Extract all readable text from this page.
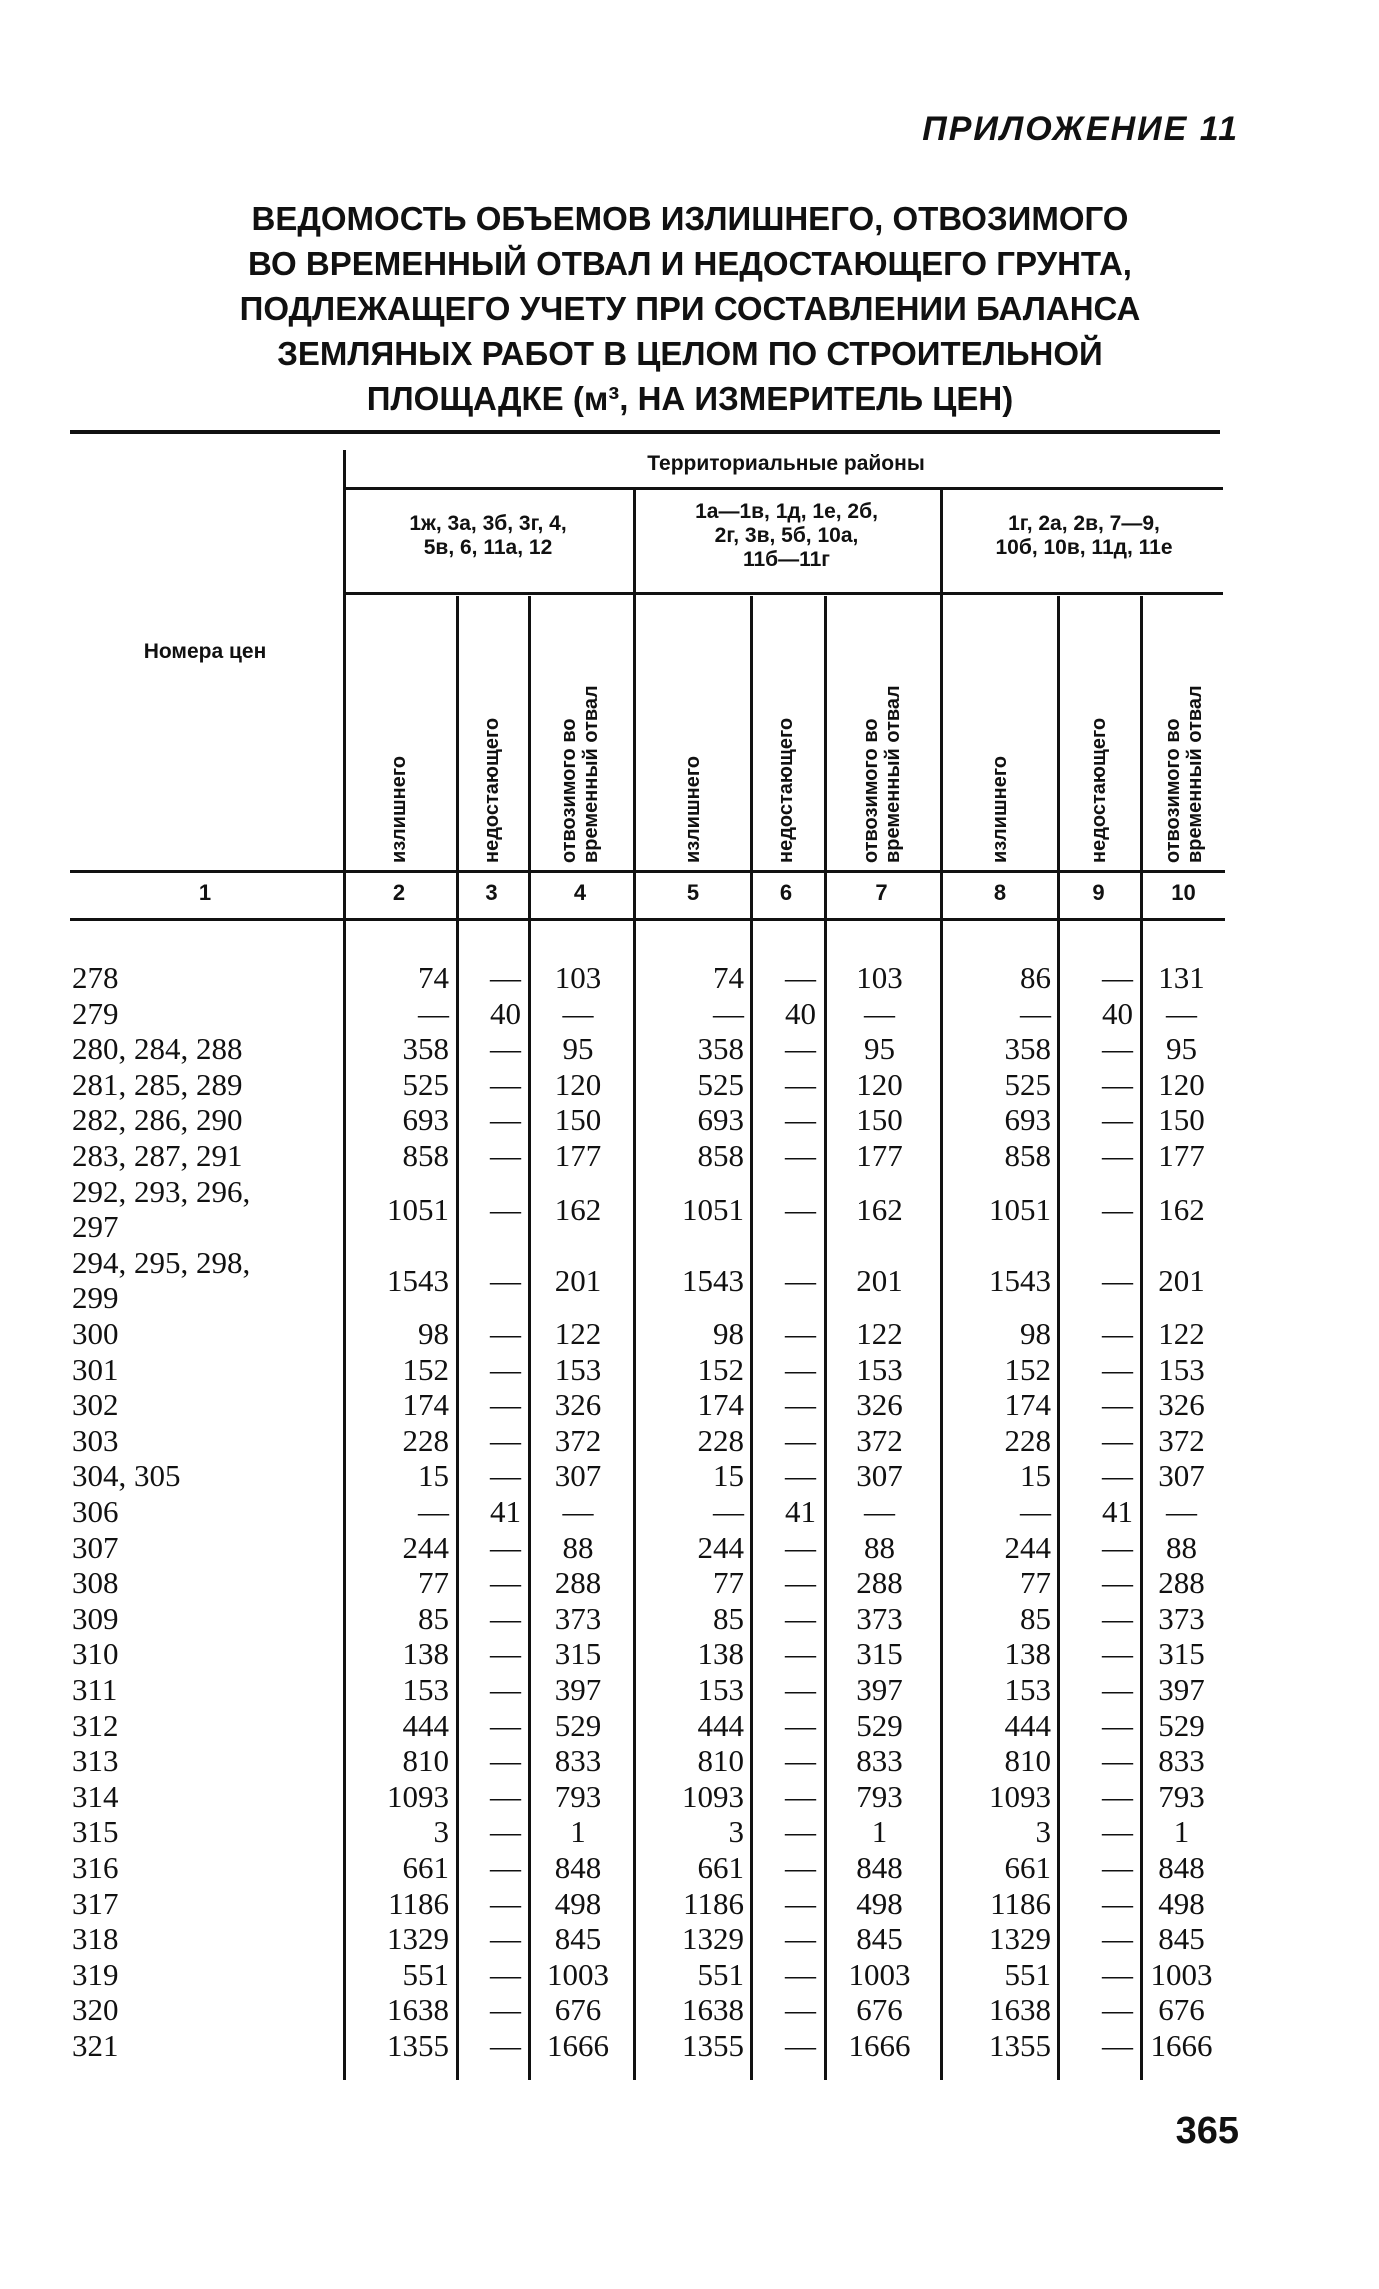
ПРИЛОЖЕНИЕ 11
ВЕДОМОСТЬ ОБЪЕМОВ ИЗЛИШНЕГО, ОТВОЗИМОГО
ВО ВРЕМЕННЫЙ ОТВАЛ И НЕДОСТАЮЩЕГО ГРУНТА,
ПОДЛЕЖАЩЕГО УЧЕТУ ПРИ СОСТАВЛЕНИИ БАЛАНСА
ЗЕМЛЯНЫХ РАБОТ В ЦЕЛОМ ПО СТРОИТЕЛЬНОЙ
ПЛОЩАДКЕ (м³, НА ИЗМЕРИТЕЛЬ ЦЕН)
Номера цен
Территориальные районы
1ж, 3а, 3б, 3г, 4,
5в, 6, 11а, 12
1а—1в, 1д, 1е, 2б,
2г, 3в, 5б, 10а,
11б—11г
1г, 2а, 2в, 7—9,
10б, 10в, 11д, 11е
излишнего	недостающего	отвозимого во временный отвал	излишнего	недостающего	отвозимого во временный отвал	излишнего	недостающего	отвозимого во временный отвал
1	2	3	4	5	6	7	8	9	10
278	74	—	103	74	—	103	86	— 131
279	—	40	—	—	40	—	—	40	—
280, 284, 288	358	—	95	358	—	95	358	—	95
281, 285, 289	525	—	120	525	—	120	525	— 120
282, 286, 290	693	—	150	693	—	150	693	— 150
283, 287, 291	858	—	177	858	—	177	858	— 177
292, 293, 296,
297	1051	—	162	1051	—	162	1051	— 162
294, 295, 298,
299	1543	—	201	1543	—	201	1543	— 201
300	98	—	122	98	—	122	98	— 122
301	152	—	153	152	—	153	152	— 153
302	174	—	326	174	—	326	174	— 326
303	228	—	372	228	—	372	228	— 372
304, 305	15	—	307	15	—	307	15	— 307
306	—	41	—	—	41	—	—	41	—
307	244	—	88	244	—	88	244	—	88
308	77	—	288	77	—	288	77	— 288
309	85	—	373	85	—	373	85	— 373
310	138	—	315	138	—	315	138	— 315
311	153	—	397	153	—	397	153	— 397
312	444	—	529	444	—	529	444	— 529
313	810	—	833	810	—	833	810	— 833
314	1093	—	793	1093	—	793	1093	— 793
315	3	—	1	3	—	1	3	—	1
316	661	—	848	661	—	848	661	— 848
317	1186	—	498	1186	—	498	1186	— 498
318	1329	—	845	1329	—	845	1329	— 845
319	551	— 1003	551	—	1003	551	— 1003
320	1638	—	676	1638	—	676	1638	— 676
321	1355	— 1666	1355	—	1666	1355	— 1666
365
